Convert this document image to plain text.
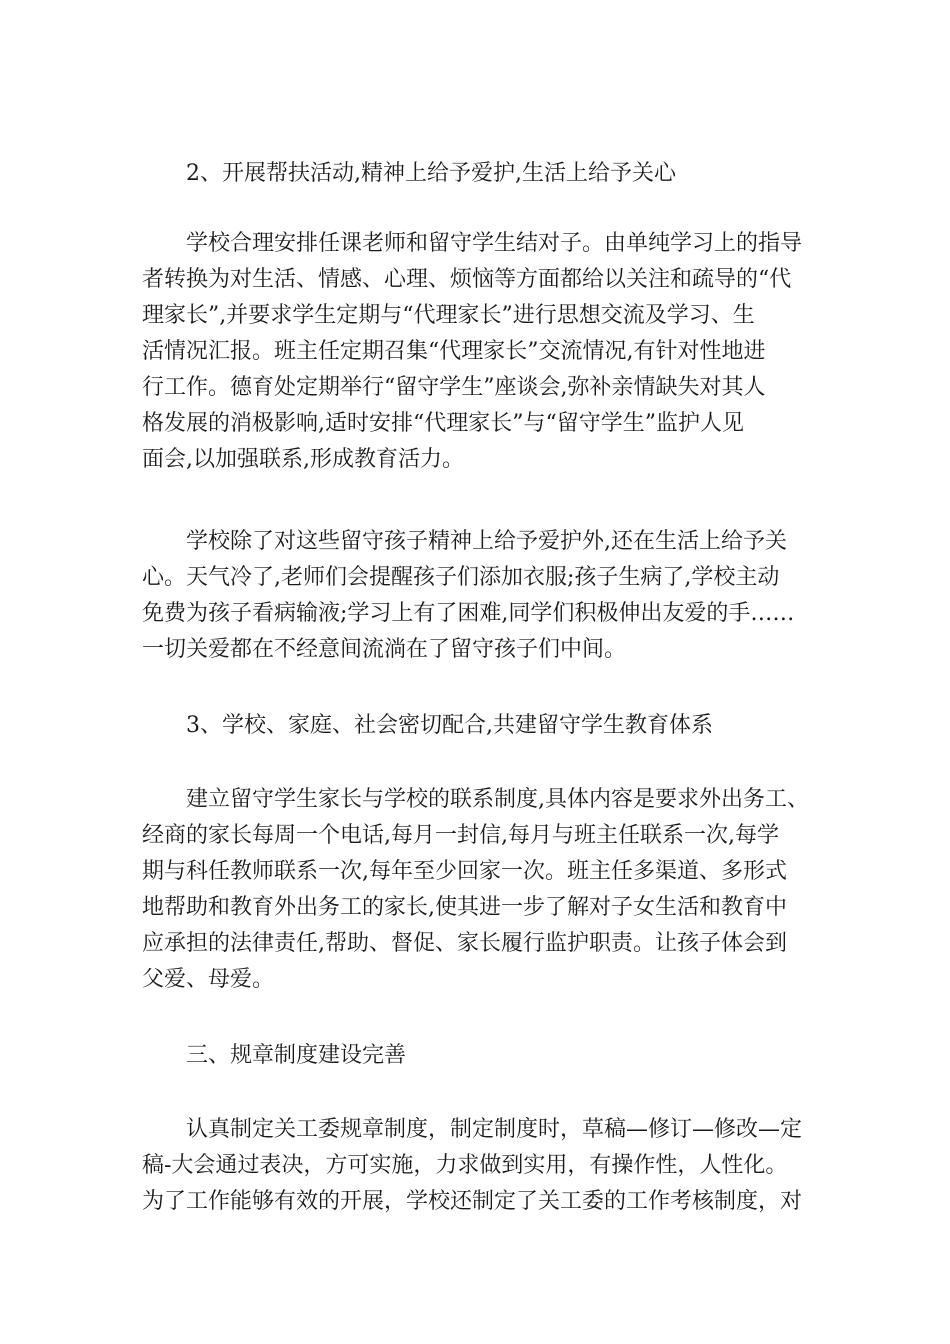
2、开展帮扶活动,精神上给予爱护,生活上给予关心
学校合理安排任课老师和留守学生结对子。由单纯学习上的指导
者转换为对生活、情感、心理、烦恼等方面都给以关注和疏导的“代
理家长”,并要求学生定期与“代理家长”进行思想交流及学习、生
活情况汇报。班主任定期召集“代理家长”交流情况,有针对性地进
行工作。德育处定期举行“留守学生”座谈会,弥补亲情缺失对其人
格发展的消极影响,适时安排“代理家长”与“留守学生”监护人见
面会,以加强联系,形成教育活力。
学校除了对这些留守孩子精神上给予爱护外,还在生活上给予关
心。天气冷了,老师们会提醒孩子们添加衣服;孩子生病了,学校主动
免费为孩子看病输液;学习上有了困难,同学们积极伸出友爱的手……
一切关爱都在不经意间流淌在了留守孩子们中间。
3、学校、家庭、社会密切配合,共建留守学生教育体系
建立留守学生家长与学校的联系制度,具体内容是要求外出务工、
经商的家长每周一个电话,每月一封信,每月与班主任联系一次,每学
期与科任教师联系一次,每年至少回家一次。班主任多渠道、多形式
地帮助和教育外出务工的家长,使其进一步了解对子女生活和教育中
应承担的法律责任,帮助、督促、家长履行监护职责。让孩子体会到
父爱、母爱。
三、规章制度建设完善
认真制定关工委规章制度，制定制度时，草稿—修订—修改—定
稿-大会通过表决，方可实施，力求做到实用，有操作性，人性化。
为了工作能够有效的开展，学校还制定了关工委的工作考核制度，对
